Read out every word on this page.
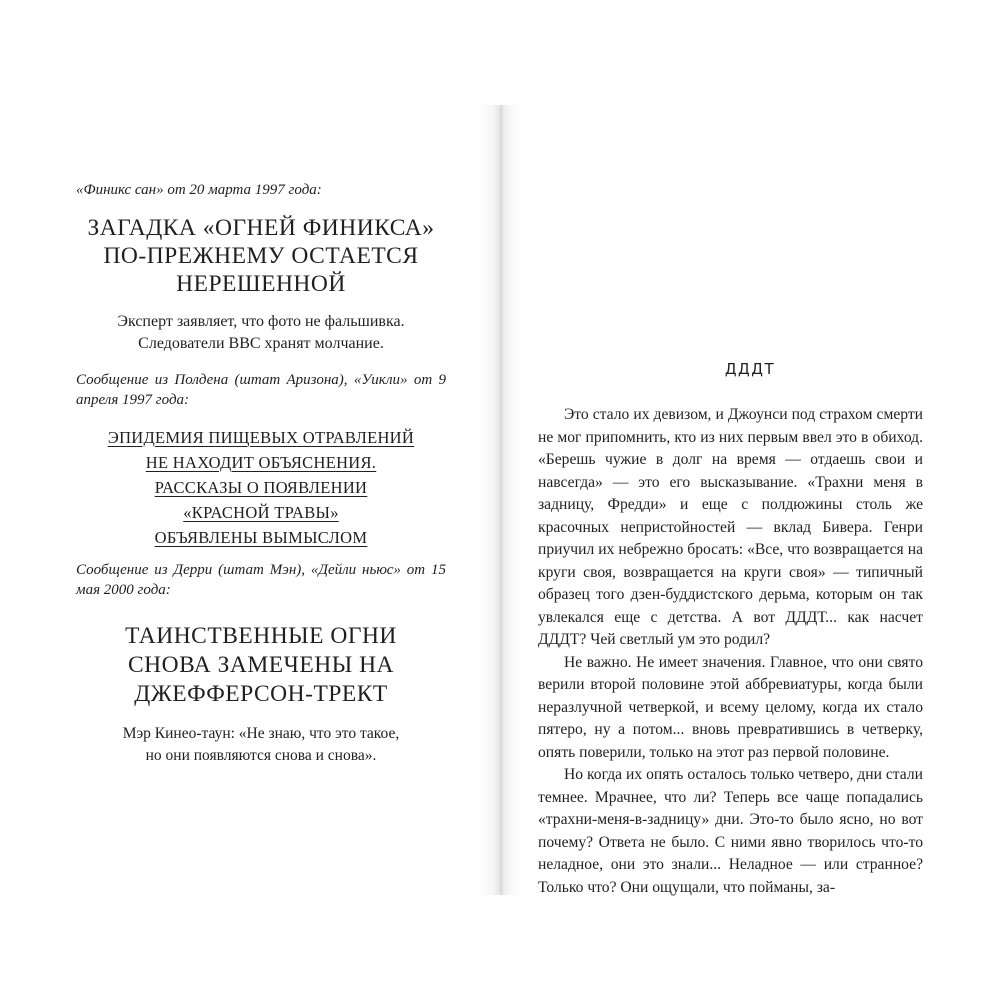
«Финикс сан» от 20 марта 1997 года:

ЗАГАДКА «ОГНЕЙ ФИНИКСА»
ПО-ПРЕЖНЕМУ ОСТАЕТСЯ
НЕРЕШЕННОЙ
Эксперт заявляет, что фото не фальшивка.
Следователи ВВС хранят молчание.

Сообщение из Полдена (штат Аризона), «Уикли» от 9 апреля 1997 года:

ЭПИДЕМИЯ ПИЩЕВЫХ ОТРАВЛЕНИЙ
НЕ НАХОДИТ ОБЪЯСНЕНИЯ.
РАССКАЗЫ О ПОЯВЛЕНИИ
«КРАСНОЙ ТРАВЫ»
ОБЪЯВЛЕНЫ ВЫМЫСЛОМ

Сообщение из Дерри (штат Мэн), «Дейли ньюс» от 15 мая 2000 года:

ТАИНСТВЕННЫЕ ОГНИ
СНОВА ЗАМЕЧЕНЫ НА
ДЖЕФФЕРСОН-ТРЕКТ
Мэр Кинео-таун: «Не знаю, что это такое,
но они появляются снова и снова».
ДДДТ

Это стало их девизом, и Джоунси под страхом смерти не мог припомнить, кто из них первым ввел это в обиход. «Берешь чужие в долг на время — отдаешь свои и навсегда» — это его высказывание. «Трахни меня в задницу, Фредди» и еще с полдюжины столь же красочных непристойностей — вклад Бивера. Генри приучил их небрежно бросать: «Все, что возвращается на круги своя, возвращается на круги своя» — типичный образец того дзен-буддистского дерьма, которым он так увлекался еще с детства. А вот ДДДТ... как насчет ДДДТ? Чей светлый ум это родил?

Не важно. Не имеет значения. Главное, что они свято верили второй половине этой аббревиатуры, когда были неразлучной четверкой, и всему целому, когда их стало пятеро, ну а потом... вновь превратившись в четверку, опять поверили, только на этот раз первой половине.

Но когда их опять осталось только четверо, дни стали темнее. Мрачнее, что ли? Теперь все чаще попадались «трахни-меня-в-задницу» дни. Это-то было ясно, но вот почему? Ответа не было. С ними явно творилось что-то неладное, они это знали... Неладное — или странное? Только что? Они ощущали, что пойманы, за-
